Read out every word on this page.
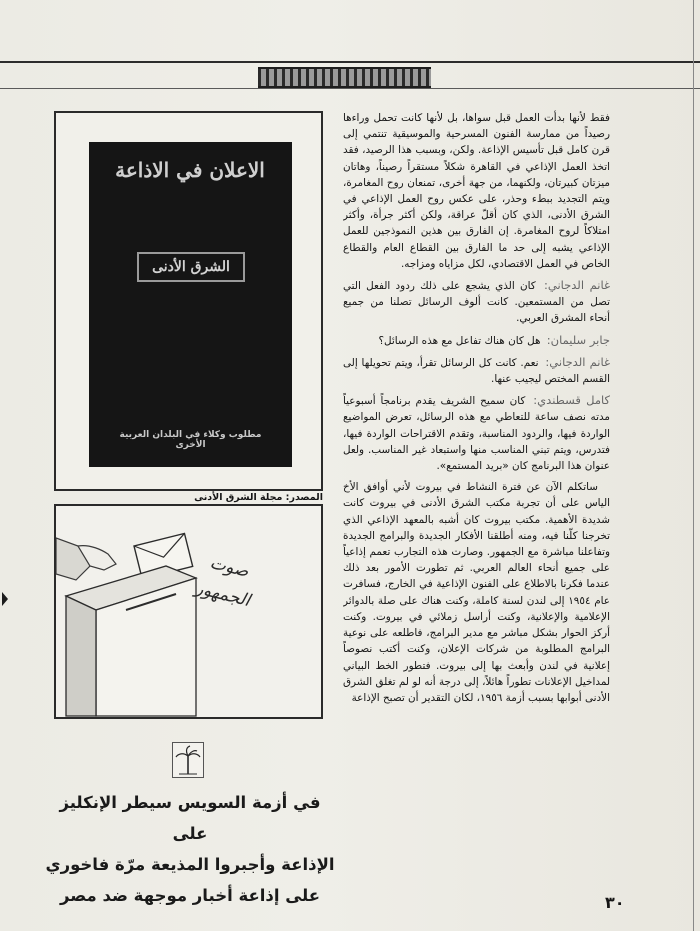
فقط لأنها بدأت العمل قبل سواها، بل لأنها كانت تحمل وراءها رصيداً من ممارسة الفنون المسرحية والموسيقية تنتمي إلى قرن كامل قبل تأسيس الإذاعة. ولكن، وبسبب هذا الرصيد، فقد اتخذ العمل الإذاعي في القاهرة شكلاً مستقراً رصيناً، وهاتان ميزتان كبيرتان، ولكنهما، من جهة أخرى، تمنعان روح المغامرة، ويتم التجديد ببطء وحذر، على عكس روح العمل الإذاعي في الشرق الأدنى، الذي كان أقلّ عراقة، ولكن أكثر جرأة، وأكثر امتلاكاً لروح المغامرة. إن الفارق بين هذين النموذجين للعمل الإذاعي يشبه إلى حد ما الفارق بين القطاع العام والقطاع الخاص في العمل الاقتصادي، لكل مزاياه ومزاجه.

غانم الدجاني: كان الذي يشجع على ذلك ردود الفعل التي تصل من المستمعين. كانت ألوف الرسائل تصلنا من جميع أنحاء المشرق العربي.

جابر سليمان: هل كان هناك تفاعل مع هذه الرسائل؟

غانم الدجاني: نعم. كانت كل الرسائل تقرأ، ويتم تحويلها إلى القسم المختص ليجيب عنها.

كامل قسطندي: كان سميح الشريف يقدم برنامجاً أسبوعياً مدته نصف ساعة للتعاطي مع هذه الرسائل، تعرض المواضيع الواردة فيها، والردود المناسبة، وتقدم الاقتراحات الواردة فيها، فتدرس، ويتم تبني المناسب منها واستبعاد غير المناسب. ولعل عنوان هذا البرنامج كان «بريد المستمع».

ساتكلم الآن عن فترة النشاط في بيروت لأني أوافق الأخ الياس على أن تجربة مكتب الشرق الأدنى في بيروت كانت شديدة الأهمية. مكتب بيروت كان أشبه بالمعهد الإذاعي الذي تخرجنا كلّنا فيه، ومنه أطلقنا الأفكار الجديدة والبرامج الجديدة وتفاعلنا مباشرة مع الجمهور. وصارت هذه التجارب تعمم إذاعياً على جميع أنحاء العالم العربي. ثم تطورت الأمور بعد ذلك عندما فكرنا بالاطلاع على الفنون الإذاعية في الخارج، فسافرت عام ١٩٥٤ إلى لندن لسنة كاملة، وكنت هناك على صلة بالدوائر الإعلامية والإعلانية، وكنت أراسل زملائي في بيروت. وكنت أركز الحوار بشكل مباشر مع مدير البرامج، فاطلعه على نوعية البرامج المطلوبة من شركات الإعلان، وكنت أكتب نصوصاً إعلانية في لندن وأبعث بها إلى بيروت. فتطور الخط البياني لمداخيل الإعلانات تطوراً هائلاً، إلى درجة أنه لو لم تغلق الشرق الأدنى أبوابها بسبب أزمة ١٩٥٦، لكان التقدير أن تصبح الإذاعة

الاعلان في الاذاعة
الشرق الأدنى
مطلوب وكلاء في البلدان العربية الأخرى
المصدر: مجلة الشرق الأدنى
صوت الجمهور
في أزمة السويس سيطر الإنكليز على
الإذاعة وأجبروا المذيعة مرّة فاخوري
على إذاعة أخبار موجهة ضد مصر	٣٠
